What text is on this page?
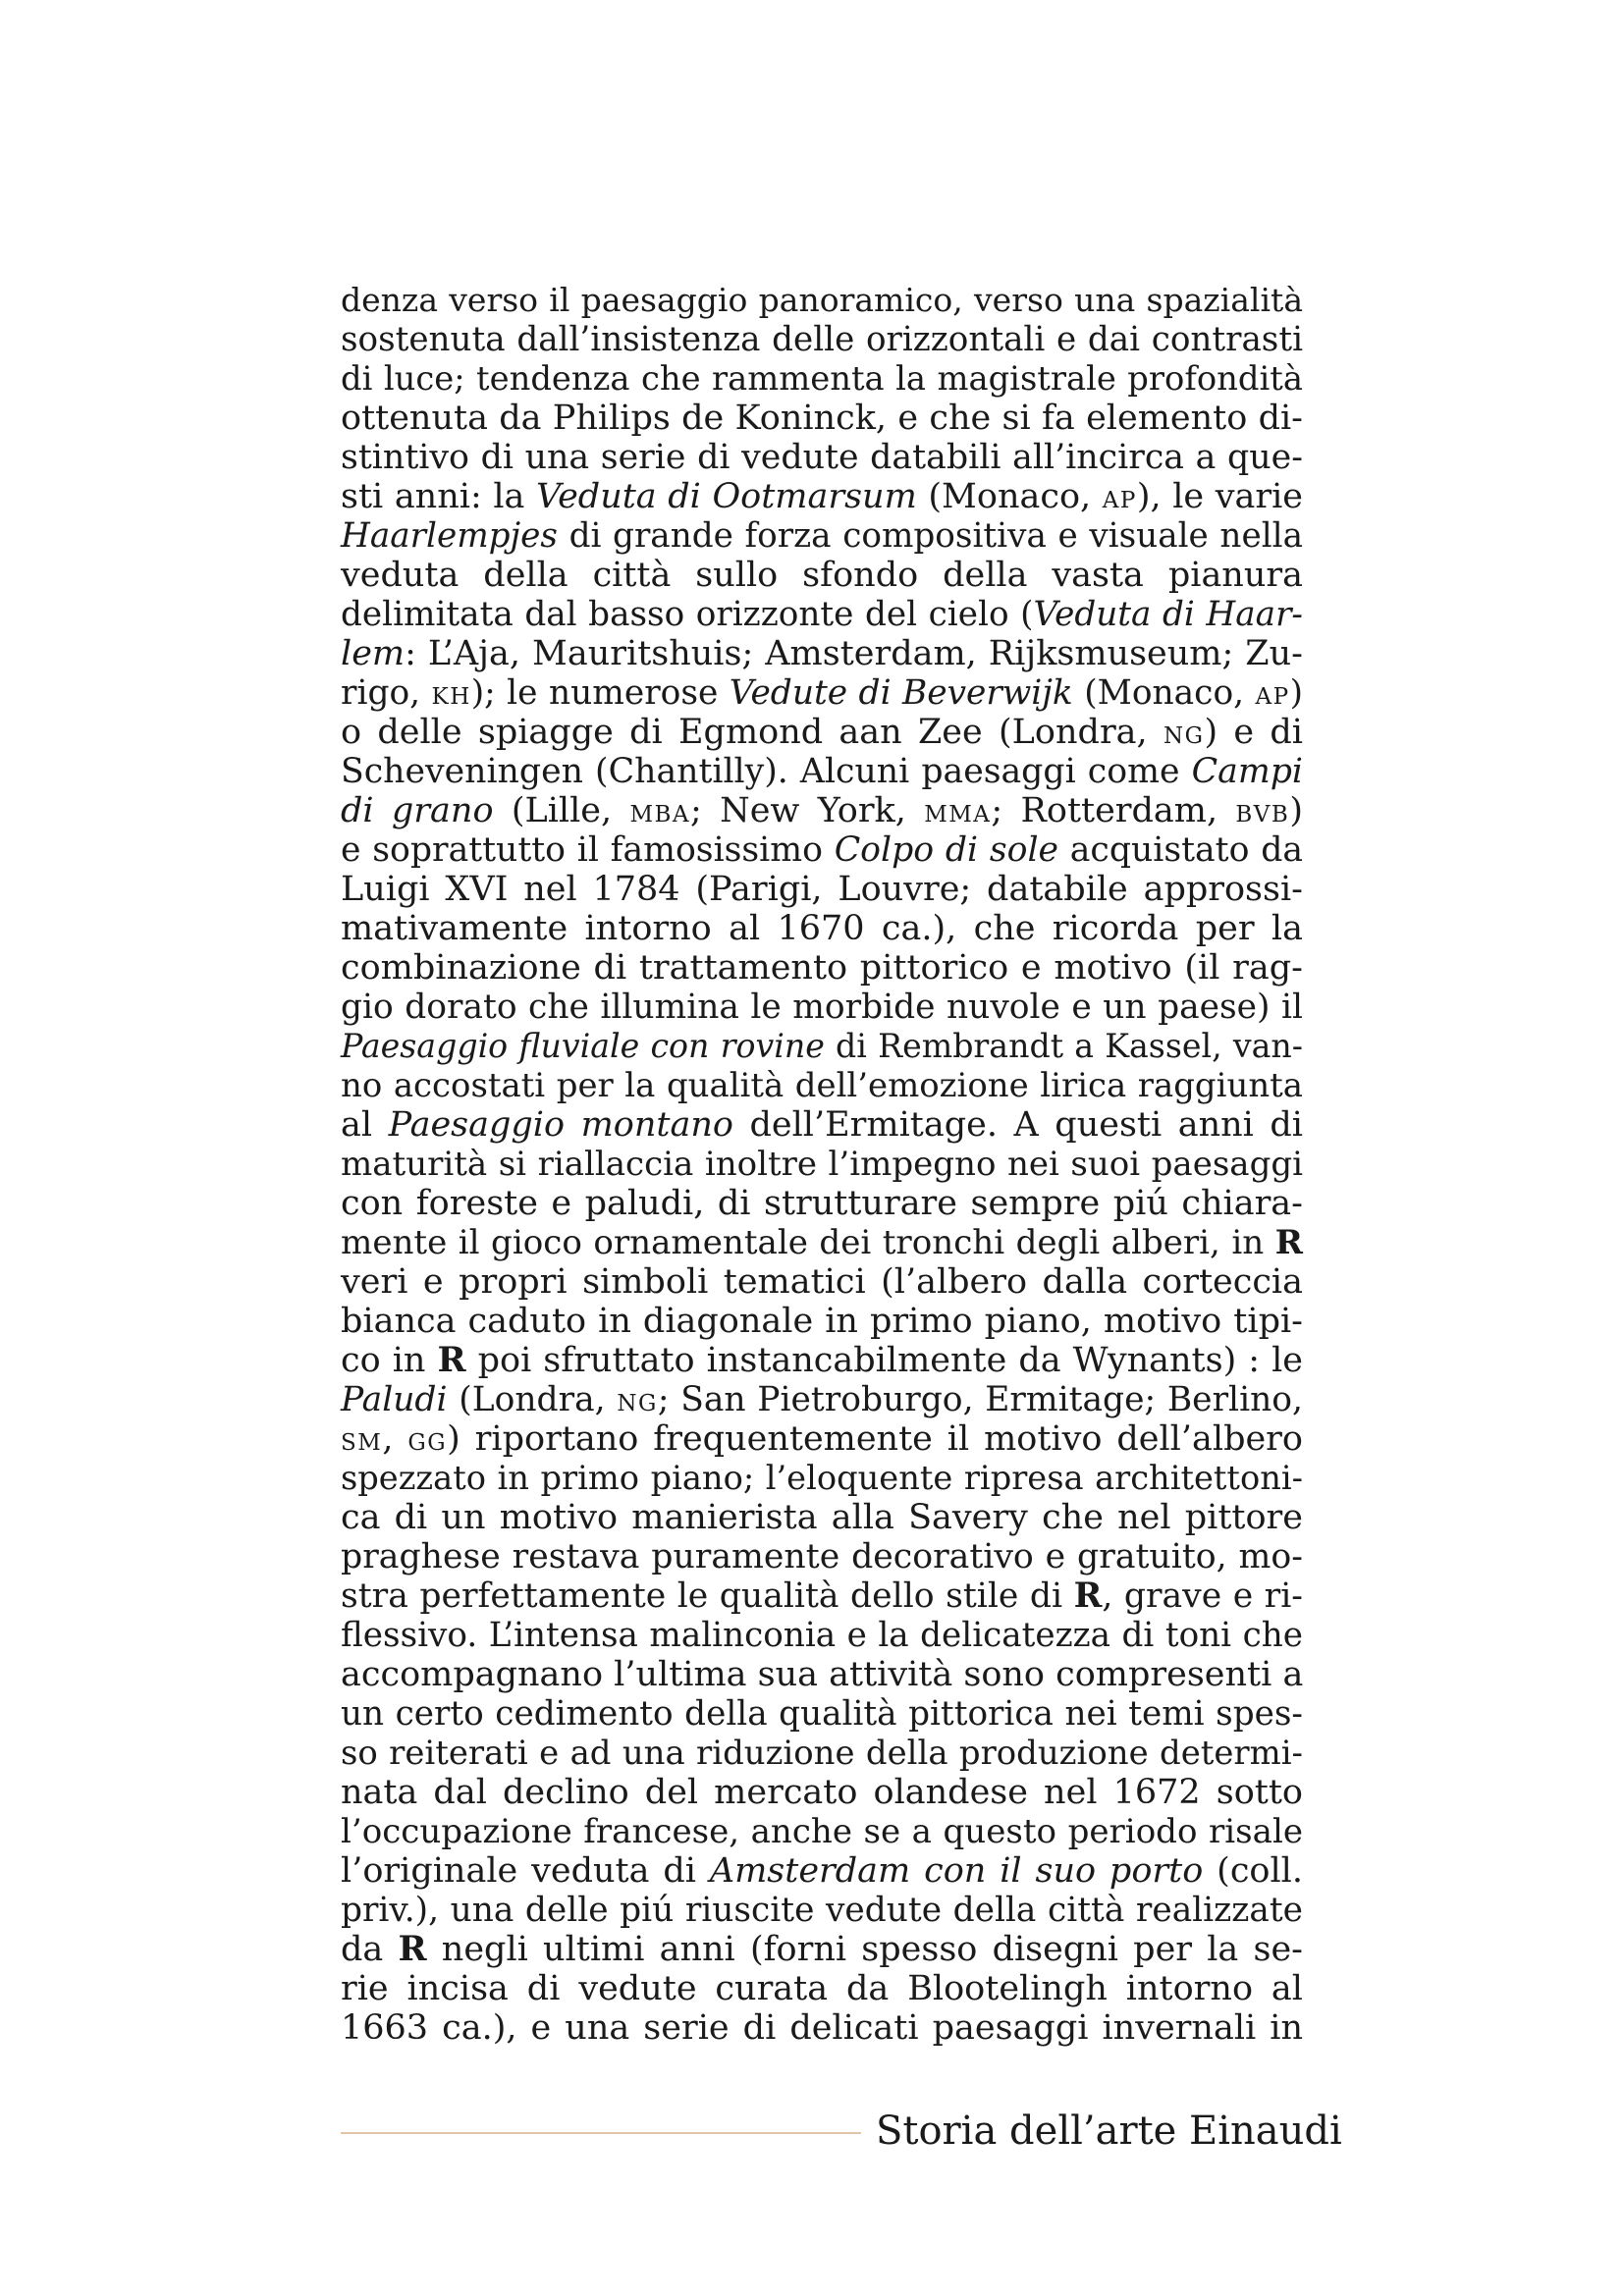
denza verso il paesaggio panoramico, verso una spazialità
sostenuta dall’insistenza delle orizzontali e dai contrasti
di luce; tendenza che rammenta la magistrale profondità
ottenuta da Philips de Koninck, e che si fa elemento di-
stintivo di una serie di vedute databili all’incirca a que-
sti anni: la Veduta di Ootmarsum (Monaco, AP), le varie
Haarlempjes di grande forza compositiva e visuale nella
veduta della città sullo sfondo della vasta pianura
delimitata dal basso orizzonte del cielo (Veduta di Haar-
lem: L’Aja, Mauritshuis; Amsterdam, Rijksmuseum; Zu-
rigo, KH); le numerose Vedute di Beverwijk (Monaco, AP)
o delle spiagge di Egmond aan Zee (Londra, NG) e di
Scheveningen (Chantilly). Alcuni paesaggi come Campi
di grano (Lille, MBA; New York, MMA; Rotterdam, BVB)
e soprattutto il famosissimo Colpo di sole acquistato da
Luigi XVI nel 1784 (Parigi, Louvre; databile approssi-
mativamente intorno al 1670 ca.), che ricorda per la
combinazione di trattamento pittorico e motivo (il rag-
gio dorato che illumina le morbide nuvole e un paese) il
Paesaggio fluviale con rovine di Rembrandt a Kassel, van-
no accostati per la qualità dell’emozione lirica raggiunta
al Paesaggio montano dell’Ermitage. A questi anni di
maturità si riallaccia inoltre l’impegno nei suoi paesaggi
con foreste e paludi, di strutturare sempre piú chiara-
mente il gioco ornamentale dei tronchi degli alberi, in R
veri e propri simboli tematici (l’albero dalla corteccia
bianca caduto in diagonale in primo piano, motivo tipi-
co in R poi sfruttato instancabilmente da Wynants) : le
Paludi (Londra, NG; San Pietroburgo, Ermitage; Berlino,
SM, GG) riportano frequentemente il motivo dell’albero
spezzato in primo piano; l’eloquente ripresa architettoni-
ca di un motivo manierista alla Savery che nel pittore
praghese restava puramente decorativo e gratuito, mo-
stra perfettamente le qualità dello stile di R, grave e ri-
flessivo. L’intensa malinconia e la delicatezza di toni che
accompagnano l’ultima sua attività sono compresenti a
un certo cedimento della qualità pittorica nei temi spes-
so reiterati e ad una riduzione della produzione determi-
nata dal declino del mercato olandese nel 1672 sotto
l’occupazione francese, anche se a questo periodo risale
l’originale veduta di Amsterdam con il suo porto (coll.
priv.), una delle piú riuscite vedute della città realizzate
da R negli ultimi anni (forni spesso disegni per la se-
rie incisa di vedute curata da Blootelingh intorno al
1663 ca.), e una serie di delicati paesaggi invernali in
Storia dell’arte Einaudi
